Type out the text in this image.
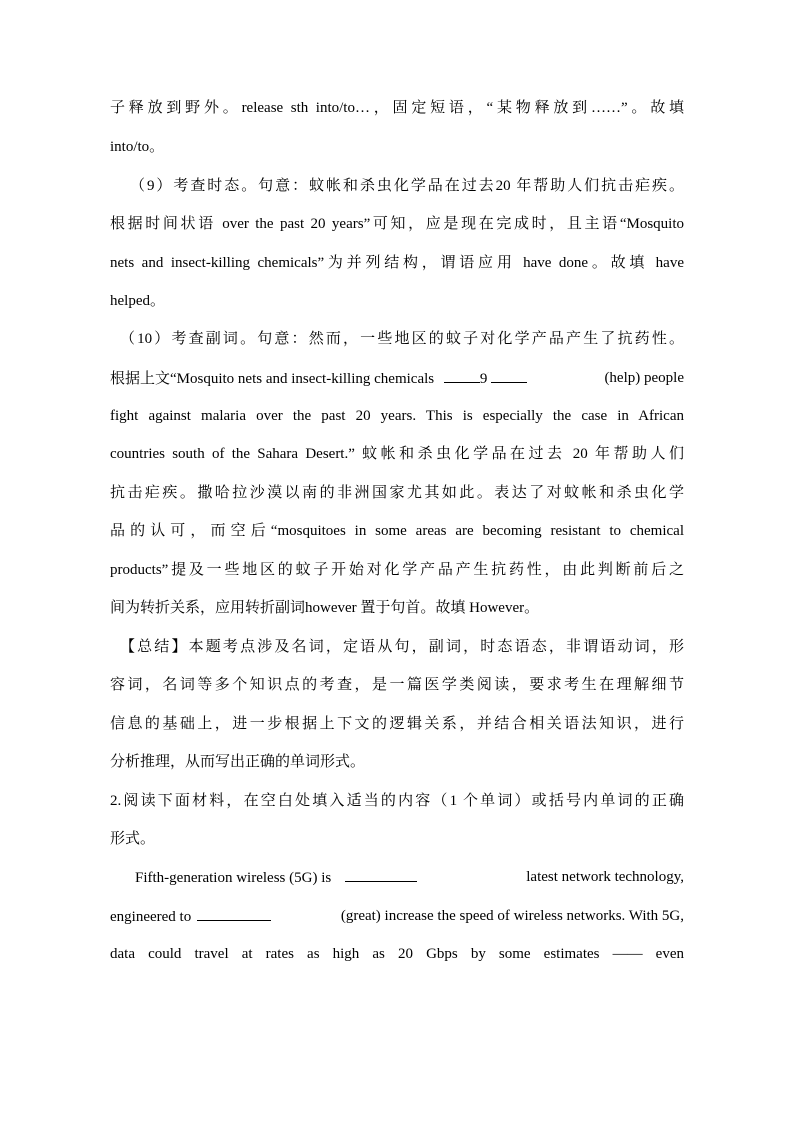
子释放到野外。release sth into/to…，固定短语，“某物释放到……”。故填
into/to。
（9）考查时态。句意：蚊帐和杀虫化学品在过去20 年帮助人们抗击疟疾。
根据时间状语 over the past 20 years”可知，应是现在完成时，且主语“Mosquito
nets and insect-killing chemicals”为并列结构，谓语应用 have done。故填 have
helped。
（10）考查副词。句意：然而，一些地区的蚊子对化学产品产生了抗药性。
根据上文“Mosquito nets and insect-killing chemicals	9	(help) people
fight against malaria over the past 20 years. This is especially the case in African
countries south of the Sahara Desert.” 蚊帐和杀虫化学品在过去 20 年帮助人们
抗击疟疾。撒哈拉沙漠以南的非洲国家尤其如此。表达了对蚊帐和杀虫化学
品的认可，而空后“mosquitoes in some areas are becoming resistant to chemical
products”提及一些地区的蚊子开始对化学产品产生抗药性，由此判断前后之
间为转折关系，应用转折副词however 置于句首。故填 However。
【总结】本题考点涉及名词，定语从句，副词，时态语态，非谓语动词，形
容词，名词等多个知识点的考查，是一篇医学类阅读，要求考生在理解细节
信息的基础上，进一步根据上下文的逻辑关系，并结合相关语法知识，进行
分析推理，从而写出正确的单词形式。
2.阅读下面材料，在空白处填入适当的内容（1 个单词）或括号内单词的正确
形式。
Fifth-generation wireless (5G) is	latest network technology,
engineered to	(great) increase the speed of wireless networks. With 5G,
data could travel at rates as high as 20 Gbps by some estimates —— even
